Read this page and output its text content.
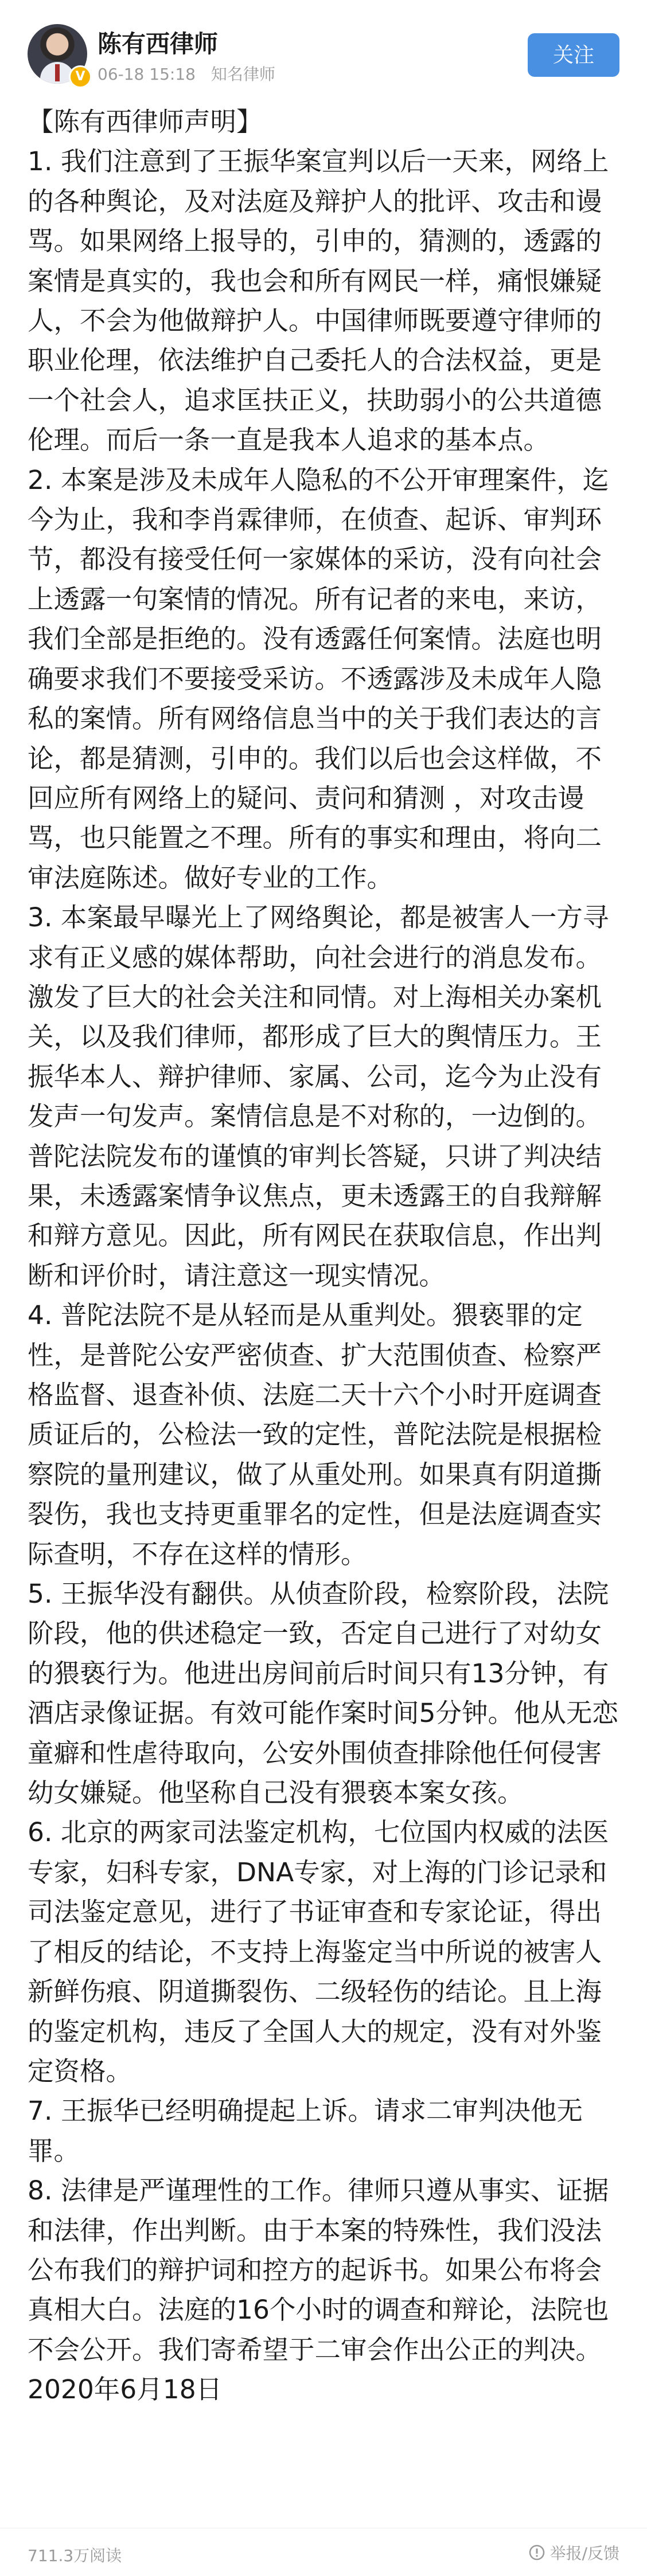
V
陈有西律师
06-18 15:18 知名律师
关注

【陈有西律师声明】

1. 我们注意到了王振华案宣判以后一天来，网络上的各种舆论，及对法庭及辩护人的批评、攻击和谩骂。如果网络上报导的，引申的，猜测的，透露的案情是真实的，我也会和所有网民一样，痛恨嫌疑人，不会为他做辩护人。中国律师既要遵守律师的职业伦理，依法维护自己委托人的合法权益，更是一个社会人，追求匡扶正义，扶助弱小的公共道德伦理。而后一条一直是我本人追求的基本点。

2. 本案是涉及未成年人隐私的不公开审理案件，迄今为止，我和李肖霖律师，在侦查、起诉、审判环节，都没有接受任何一家媒体的采访，没有向社会上透露一句案情的情况。所有记者的来电，来访，我们全部是拒绝的。没有透露任何案情。法庭也明确要求我们不要接受采访。不透露涉及未成年人隐私的案情。所有网络信息当中的关于我们表达的言论，都是猜测，引申的。我们以后也会这样做，不回应所有网络上的疑问、责问和猜测 ，对攻击谩骂，也只能置之不理。所有的事实和理由，将向二审法庭陈述。做好专业的工作。

3. 本案最早曝光上了网络舆论，都是被害人一方寻求有正义感的媒体帮助，向社会进行的消息发布。激发了巨大的社会关注和同情。对上海相关办案机关，以及我们律师，都形成了巨大的舆情压力。王振华本人、辩护律师、家属、公司，迄今为止没有发声一句发声。案情信息是不对称的，一边倒的。普陀法院发布的谨慎的审判长答疑，只讲了判决结果，未透露案情争议焦点，更未透露王的自我辩解和辩方意见。因此，所有网民在获取信息，作出判断和评价时，请注意这一现实情况。

4. 普陀法院不是从轻而是从重判处。猥亵罪的定性，是普陀公安严密侦查、扩大范围侦查、检察严格监督、退查补侦、法庭二天十六个小时开庭调查质证后的，公检法一致的定性，普陀法院是根据检察院的量刑建议，做了从重处刑。如果真有阴道撕裂伤，我也支持更重罪名的定性，但是法庭调查实际查明，不存在这样的情形。

5. 王振华没有翻供。从侦查阶段，检察阶段，法院阶段，他的供述稳定一致，否定自己进行了对幼女的猥亵行为。他进出房间前后时间只有13分钟，有酒店录像证据。有效可能作案时间5分钟。他从无恋童癖和性虐待取向，公安外围侦查排除他任何侵害幼女嫌疑。他坚称自己没有猥亵本案女孩。

6. 北京的两家司法鉴定机构，七位国内权威的法医专家，妇科专家，DNA专家，对上海的门诊记录和司法鉴定意见，进行了书证审查和专家论证，得出了相反的结论，不支持上海鉴定当中所说的被害人新鲜伤痕、阴道撕裂伤、二级轻伤的结论。且上海的鉴定机构，违反了全国人大的规定，没有对外鉴定资格。

7. 王振华已经明确提起上诉。请求二审判决他无罪。

8. 法律是严谨理性的工作。律师只遵从事实、证据和法律，作出判断。由于本案的特殊性，我们没法公布我们的辩护词和控方的起诉书。如果公布将会真相大白。法庭的16个小时的调查和辩论，法院也不会公开。我们寄希望于二审会作出公正的判决。

2020年6月18日

711.3万阅读	举报/反馈
